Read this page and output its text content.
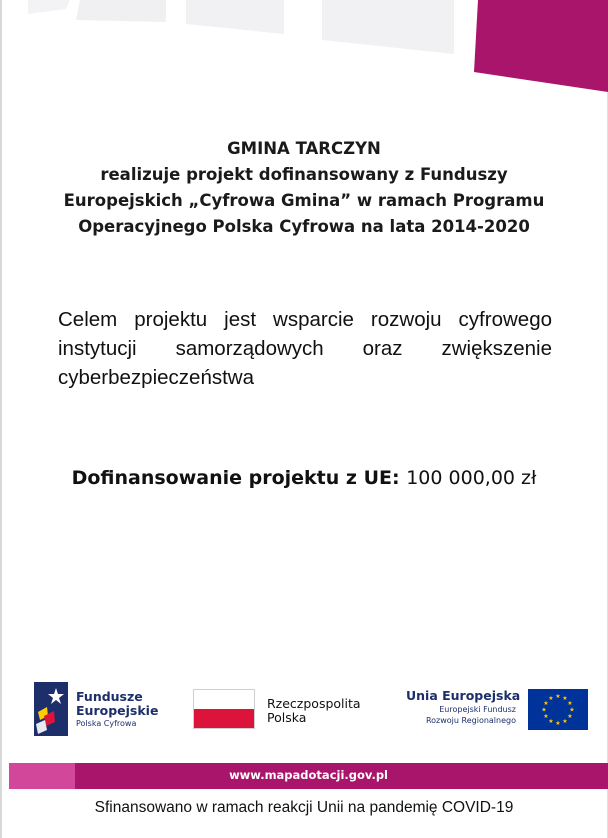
GMINA TARCZYN
realizuje projekt dofinansowany z Funduszy
Europejskich „Cyfrowa Gmina” w ramach Programu
Operacyjnego Polska Cyfrowa na lata 2014-2020
Celem projektu jest wsparcie rozwoju cyfrowego instytucji samorządowych oraz zwiększenie cyberbezpieczeństwa
Dofinansowanie projektu z UE: 100 000,00 zł
Fundusze
Europejskie
Polska Cyfrowa
Rzeczpospolita
Polska
Unia Europejska
Europejski Fundusz
Rozwoju Regionalnego
★ ★
★
★
★
★
★
★
★
★
★
★
www.mapadotacji.gov.pl
Sfinansowano w ramach reakcji Unii na pandemię COVID-19
